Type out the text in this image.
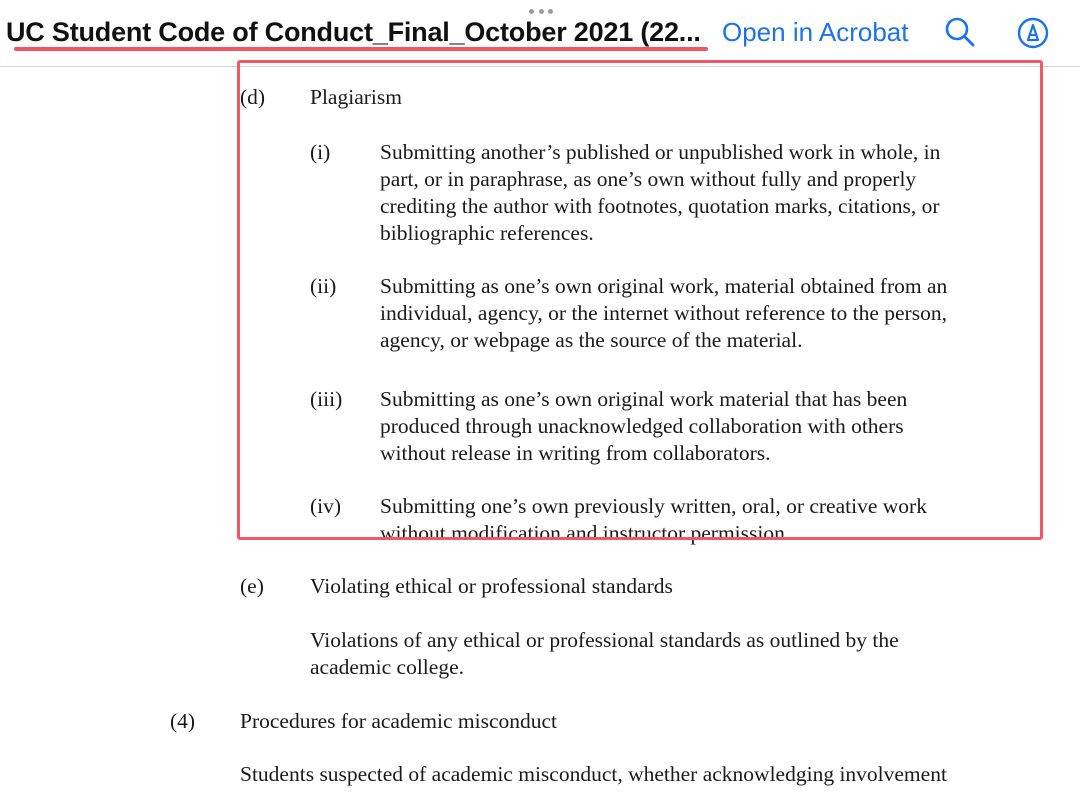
UC Student Code of Conduct_Final_October 2021 (22... Open in Acrobat
(d) Plagiarism
(i) Submitting another’s published or unpublished work in whole, in
part, or in paraphrase, as one’s own without fully and properly
crediting the author with footnotes, quotation marks, citations, or
bibliographic references.
(ii) Submitting as one’s own original work, material obtained from an
individual, agency, or the internet without reference to the person,
agency, or webpage as the source of the material.
(iii) Submitting as one’s own original work material that has been
produced through unacknowledged collaboration with others
without release in writing from collaborators.
(iv) Submitting one’s own previously written, oral, or creative work
without modification and instructor permission.
(e) Violating ethical or professional standards
Violations of any ethical or professional standards as outlined by the
academic college.
(4) Procedures for academic misconduct
Students suspected of academic misconduct, whether acknowledging involvement
